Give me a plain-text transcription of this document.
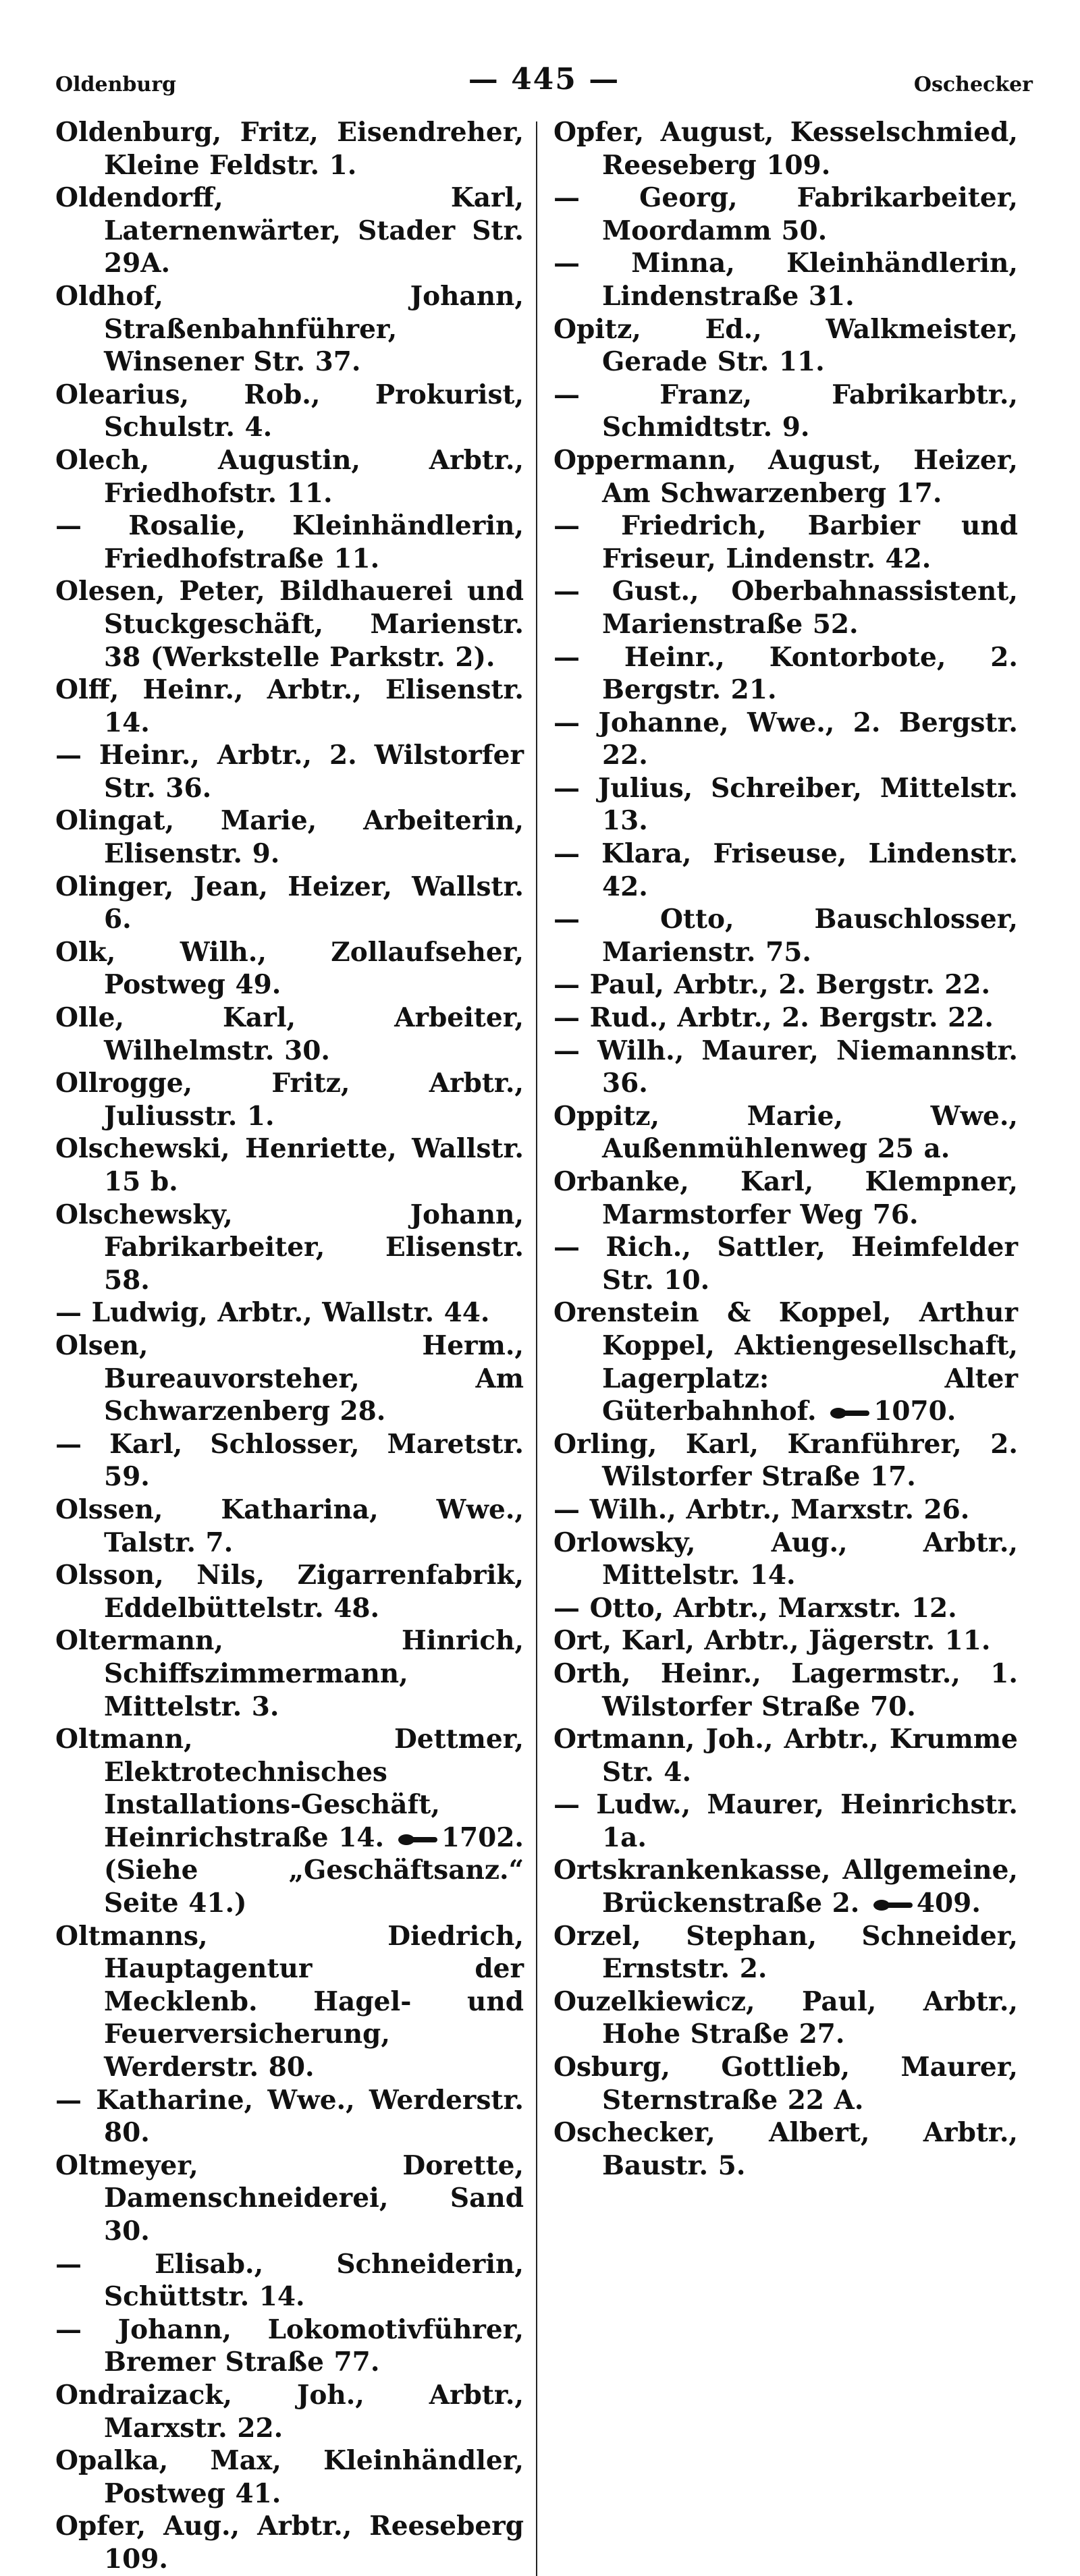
Oldenburg	— 445 —	Oschecker
Oldenburg, Fritz, Eisendreher, Kleine Feldstr. 1.
Oldendorff, Karl, Laternenwärter, Stader Str. 29A.
Oldhof, Johann, Straßenbahnführer, Winsener Str. 37.
Olearius, Rob., Prokurist, Schulstr. 4.
Olech, Augustin, Arbtr., Friedhofstr. 11.
— Rosalie, Kleinhändlerin, Friedhofstraße 11.
Olesen, Peter, Bildhauerei und Stuckgeschäft, Marienstr. 38 (Werkstelle Parkstr. 2).
Olff, Heinr., Arbtr., Elisenstr. 14.
— Heinr., Arbtr., 2. Wilstorfer Str. 36.
Olingat, Marie, Arbeiterin, Elisenstr. 9.
Olinger, Jean, Heizer, Wallstr. 6.
Olk, Wilh., Zollaufseher, Postweg 49.
Olle, Karl, Arbeiter, Wilhelmstr. 30.
Ollrogge, Fritz, Arbtr., Juliusstr. 1.
Olschewski, Henriette, Wallstr. 15 b.
Olschewsky, Johann, Fabrikarbeiter, Elisenstr. 58.
— Ludwig, Arbtr., Wallstr. 44.
Olsen, Herm., Bureauvorsteher, Am Schwarzenberg 28.
— Karl, Schlosser, Maretstr. 59.
Olssen, Katharina, Wwe., Talstr. 7.
Olsson, Nils, Zigarrenfabrik, Eddelbüttelstr. 48.
Oltermann, Hinrich, Schiffszimmermann, Mittelstr. 3.
Oltmann, Dettmer, Elektrotechnisches Installations-Geschäft, Heinrichstraße 14. 1702. (Siehe „Geschäftsanz.“ Seite 41.)
Oltmanns, Diedrich, Hauptagentur der Mecklenb. Hagel- und Feuerversicherung, Werderstr. 80.
— Katharine, Wwe., Werderstr. 80.
Oltmeyer, Dorette, Damenschneiderei, Sand 30.
— Elisab., Schneiderin, Schüttstr. 14.
— Johann, Lokomotivführer, Bremer Straße 77.
Ondraizack, Joh., Arbtr., Marxstr. 22.
Opalka, Max, Kleinhändler, Postweg 41.
Opfer, Aug., Arbtr., Reeseberg 109.
Opfer, August, Kesselschmied, Reeseberg 109.
— Georg, Fabrikarbeiter, Moordamm 50.
— Minna, Kleinhändlerin, Lindenstraße 31.
Opitz, Ed., Walkmeister, Gerade Str. 11.
— Franz, Fabrikarbtr., Schmidtstr. 9.
Oppermann, August, Heizer, Am Schwarzenberg 17.
— Friedrich, Barbier und Friseur, Lindenstr. 42.
— Gust., Oberbahnassistent, Marienstraße 52.
— Heinr., Kontorbote, 2. Bergstr. 21.
— Johanne, Wwe., 2. Bergstr. 22.
— Julius, Schreiber, Mittelstr. 13.
— Klara, Friseuse, Lindenstr. 42.
— Otto, Bauschlosser, Marienstr. 75.
— Paul, Arbtr., 2. Bergstr. 22.
— Rud., Arbtr., 2. Bergstr. 22.
— Wilh., Maurer, Niemannstr. 36.
Oppitz, Marie, Wwe., Außenmühlenweg 25 a.
Orbanke, Karl, Klempner, Marmstorfer Weg 76.
— Rich., Sattler, Heimfelder Str. 10.
Orenstein & Koppel, Arthur Koppel, Aktiengesellschaft, Lagerplatz: Alter Güterbahnhof. 1070.
Orling, Karl, Kranführer, 2. Wilstorfer Straße 17.
— Wilh., Arbtr., Marxstr. 26.
Orlowsky, Aug., Arbtr., Mittelstr. 14.
— Otto, Arbtr., Marxstr. 12.
Ort, Karl, Arbtr., Jägerstr. 11.
Orth, Heinr., Lagermstr., 1. Wilstorfer Straße 70.
Ortmann, Joh., Arbtr., Krumme Str. 4.
— Ludw., Maurer, Heinrichstr. 1a.
Ortskrankenkasse, Allgemeine, Brückenstraße 2. 409.
Orzel, Stephan, Schneider, Ernststr. 2.
Ouzelkiewicz, Paul, Arbtr., Hohe Straße 27.
Osburg, Gottlieb, Maurer, Sternstraße 22 A.
Oschecker, Albert, Arbtr., Baustr. 5.
